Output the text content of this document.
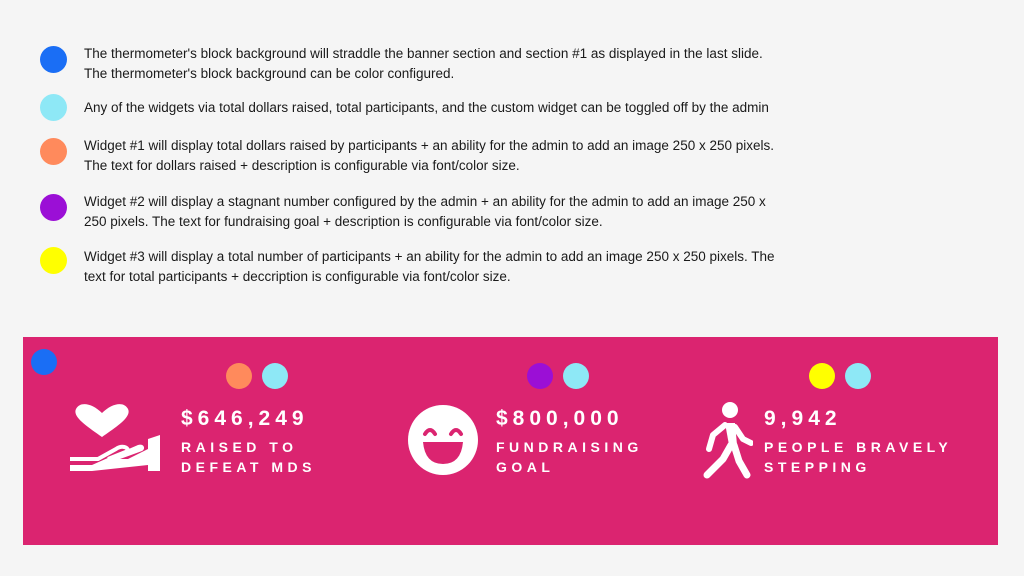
The thermometer's block background will straddle the banner section and section #1 as displayed in the last slide.
The thermometer's block background can be color configured.
Any of the widgets via total dollars raised, total participants, and the custom widget can be toggled off by the admin
Widget #1 will display total dollars raised by participants + an ability for the admin to add an image 250 x 250 pixels.
The text for dollars raised + description is configurable via font/color size.
Widget #2 will display a stagnant number configured by the admin + an ability for the admin to add an image 250 x
250 pixels. The text for fundraising goal + description is configurable via font/color size.
Widget #3 will display a total number of participants + an ability for the admin to add an image 250 x 250 pixels. The
text for total participants + deccription is configurable via font/color size.
$646,249
RAISED TO
DEFEAT MDS
$800,000
FUNDRAISING
GOAL
9,942
PEOPLE BRAVELY
STEPPING
